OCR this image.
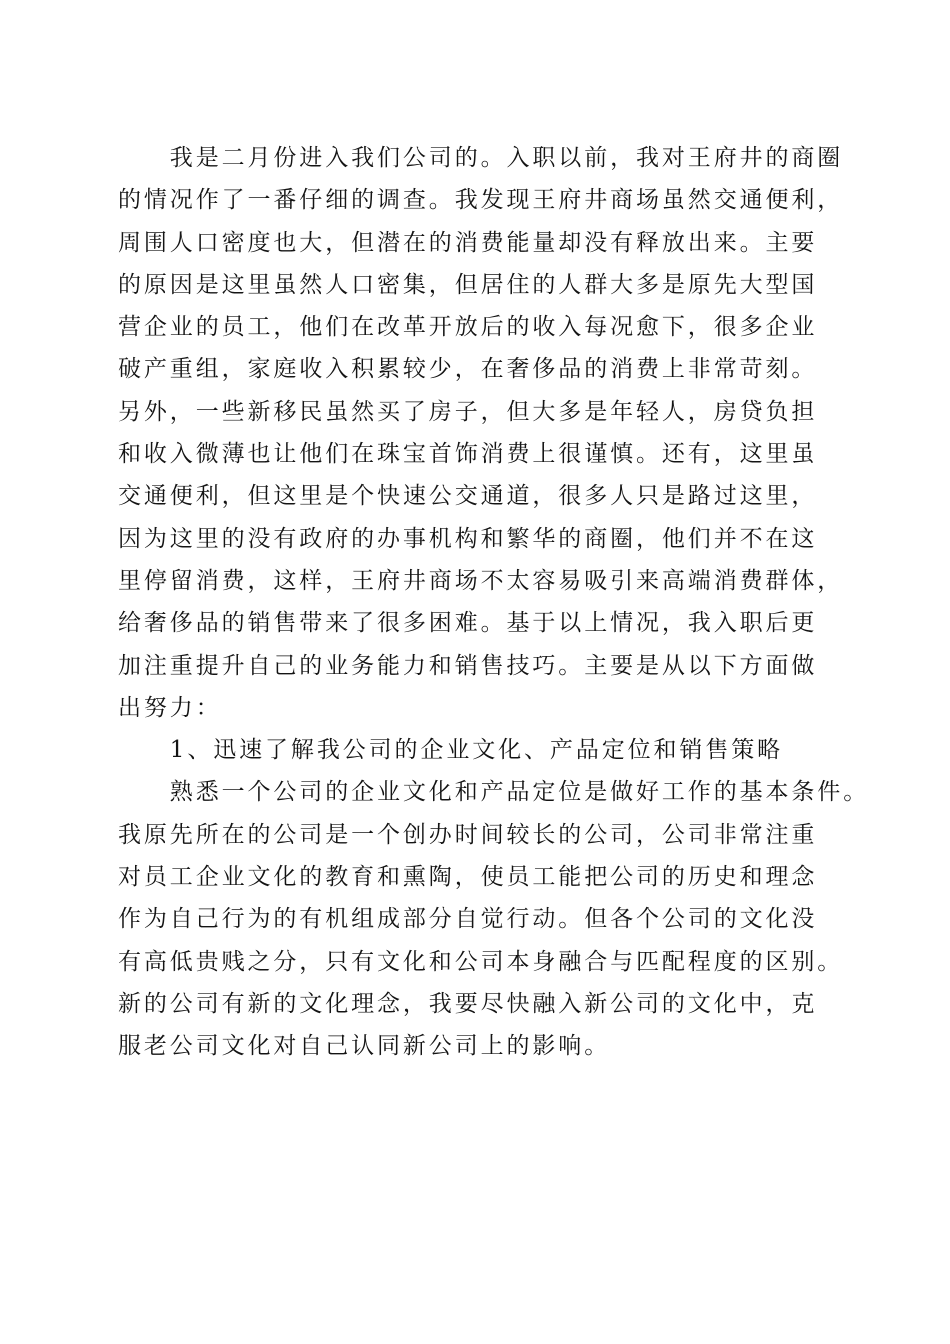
　　我是二月份进入我们公司的。入职以前，我对王府井的商圈
的情况作了一番仔细的调查。我发现王府井商场虽然交通便利，
周围人口密度也大，但潜在的消费能量却没有释放出来。主要
的原因是这里虽然人口密集，但居住的人群大多是原先大型国
营企业的员工，他们在改革开放后的收入每况愈下，很多企业
破产重组，家庭收入积累较少，在奢侈品的消费上非常苛刻。
另外，一些新移民虽然买了房子，但大多是年轻人，房贷负担
和收入微薄也让他们在珠宝首饰消费上很谨慎。还有，这里虽
交通便利，但这里是个快速公交通道，很多人只是路过这里，
因为这里的没有政府的办事机构和繁华的商圈，他们并不在这
里停留消费，这样，王府井商场不太容易吸引来高端消费群体，
给奢侈品的销售带来了很多困难。基于以上情况，我入职后更
加注重提升自己的业务能力和销售技巧。主要是从以下方面做
出努力：
　　1、迅速了解我公司的企业文化、产品定位和销售策略
　　熟悉一个公司的企业文化和产品定位是做好工作的基本条件。
我原先所在的公司是一个创办时间较长的公司，公司非常注重
对员工企业文化的教育和熏陶，使员工能把公司的历史和理念
作为自己行为的有机组成部分自觉行动。但各个公司的文化没
有高低贵贱之分，只有文化和公司本身融合与匹配程度的区别。
新的公司有新的文化理念，我要尽快融入新公司的文化中，克
服老公司文化对自己认同新公司上的影响。
